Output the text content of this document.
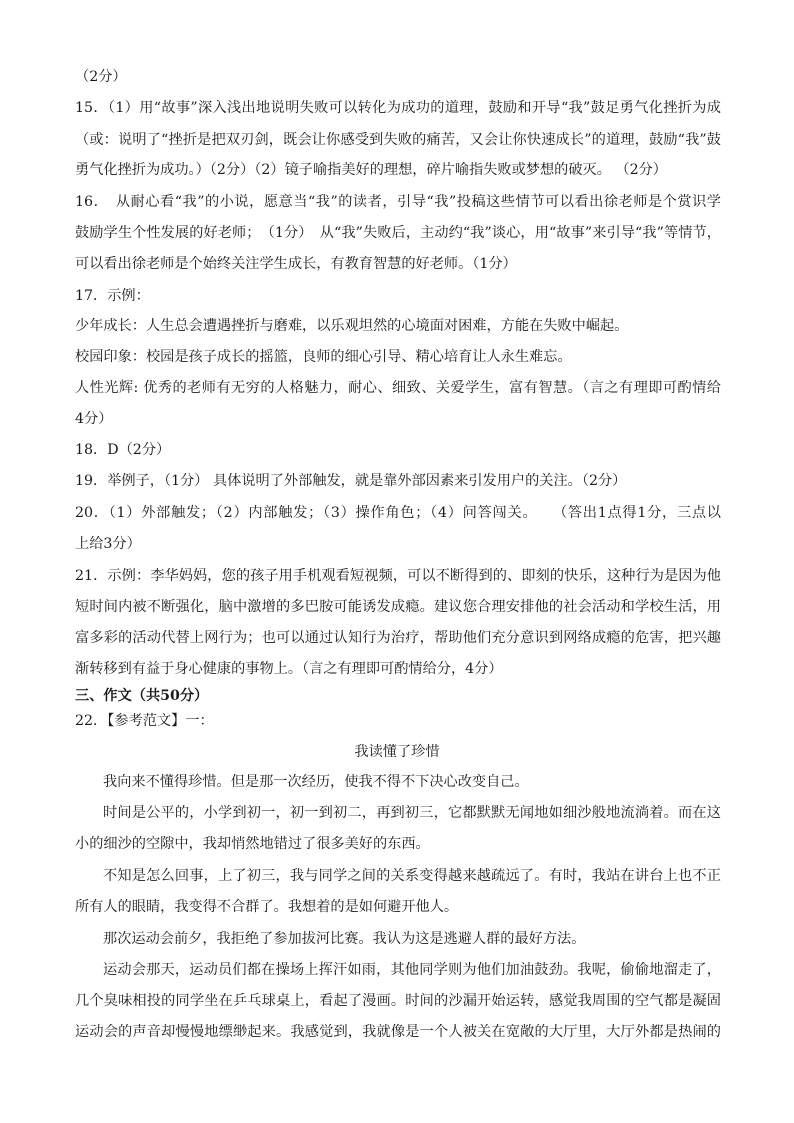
（2分）
15．（1）用“故事”深入浅出地说明失败可以转化为成功的道理，鼓励和开导“我”鼓足勇气化挫折为成
（或：说明了“挫折是把双刃剑，既会让你感受到失败的痛苦，又会让你快速成长”的道理，鼓励“我”鼓
勇气化挫折为成功。）（2分）（2）镜子喻指美好的理想，碎片喻指失败或梦想的破灭。 （2分）
16．　从耐心看“我”的小说，愿意当“我”的读者，引导“我”投稿这些情节可以看出徐老师是个赏识学
鼓励学生个性发展的好老师；　（1分）　从“我”失败后，主动约“我”谈心，用“故事”来引导“我”等情节，
可以看出徐老师是个始终关注学生成长，有教育智慧的好老师。（1分）
17．示例：
少年成长：人生总会遭遇挫折与磨难，以乐观坦然的心境面对困难，方能在失败中崛起。
校园印象：校园是孩子成长的摇篮，良师的细心引导、精心培育让人永生难忘。
人性光辉: 优秀的老师有无穷的人格魅力，耐心、细致、关爱学生，富有智慧。（言之有理即可酌情给
4分）
18．D（2分）
19．举例子，（1分） 具体说明了外部触发，就是靠外部因素来引发用户的关注。（2分）
20．（1）外部触发；（2）内部触发；（3）操作角色；（4）问答闯关。　　（答出1点得1分，三点以
上给3分）
21．示例：李华妈妈，您的孩子用手机观看短视频，可以不断得到的、即刻的快乐，这种行为是因为他
短时间内被不断强化，脑中激增的多巴胺可能诱发成瘾。建议您合理安排他的社会活动和学校生活，用
富多彩的活动代替上网行为；也可以通过认知行为治疗，帮助他们充分意识到网络成瘾的危害，把兴趣
渐转移到有益于身心健康的事物上。（言之有理即可酌情给分，4分）
三、作文（共50分）
22．【参考范文】一：
我读懂了珍惜
我向来不懂得珍惜。但是那一次经历，使我不得不下决心改变自己。
时间是公平的，小学到初一，初一到初二，再到初三，它都默默无闻地如细沙般地流淌着。而在这
小的细沙的空隙中，我却悄然地错过了很多美好的东西。
不知是怎么回事，上了初三，我与同学之间的关系变得越来越疏远了。有时，我站在讲台上也不正
所有人的眼睛，我变得不合群了。我想着的是如何避开他人。
那次运动会前夕，我拒绝了参加拔河比赛。我认为这是逃避人群的最好方法。
运动会那天，运动员们都在操场上挥汗如雨，其他同学则为他们加油鼓劲。我呢，偷偷地溜走了，
几个臭味相投的同学坐在乒乓球桌上，看起了漫画。时间的沙漏开始运转，感觉我周围的空气都是凝固
运动会的声音却慢慢地缥缈起来。我感觉到，我就像是一个人被关在宽敞的大厅里，大厅外都是热闹的
